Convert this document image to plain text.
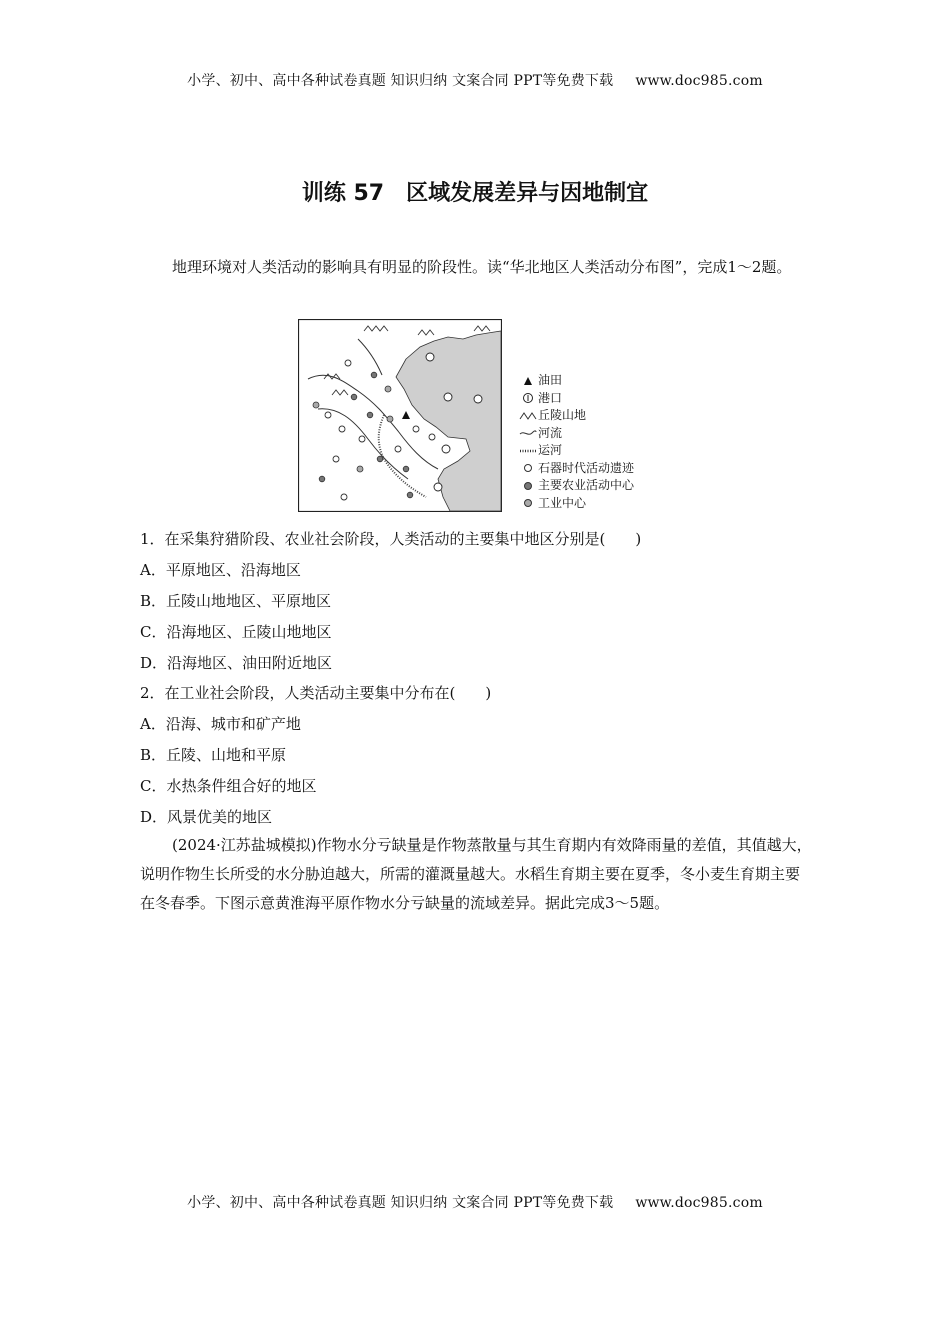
小学、初中、高中各种试卷真题 知识归纳 文案合同 PPT等免费下载 www.doc985.com
训练 57 区域发展差异与因地制宜

地理环境对人类活动的影响具有明显的阶段性。读“华北地区人类活动分布图”，完成1～2题。

油田
港口
丘陵山地
河流
运河
石器时代活动遗迹
主要农业活动中心
工业中心
1．在采集狩猎阶段、农业社会阶段，人类活动的主要集中地区分别是(　　)
A．平原地区、沿海地区
B．丘陵山地地区、平原地区
C．沿海地区、丘陵山地地区
D．沿海地区、油田附近地区
2．在工业社会阶段，人类活动主要集中分布在(　　)
A．沿海、城市和矿产地
B．丘陵、山地和平原
C．水热条件组合好的地区
D．风景优美的地区

(2024·江苏盐城模拟)作物水分亏缺量是作物蒸散量与其生育期内有效降雨量的差值，其值越大，说明作物生长所受的水分胁迫越大，所需的灌溉量越大。水稻生育期主要在夏季，冬小麦生育期主要在冬春季。下图示意黄淮海平原作物水分亏缺量的流域差异。据此完成3～5题。

小学、初中、高中各种试卷真题 知识归纳 文案合同 PPT等免费下载 www.doc985.com
